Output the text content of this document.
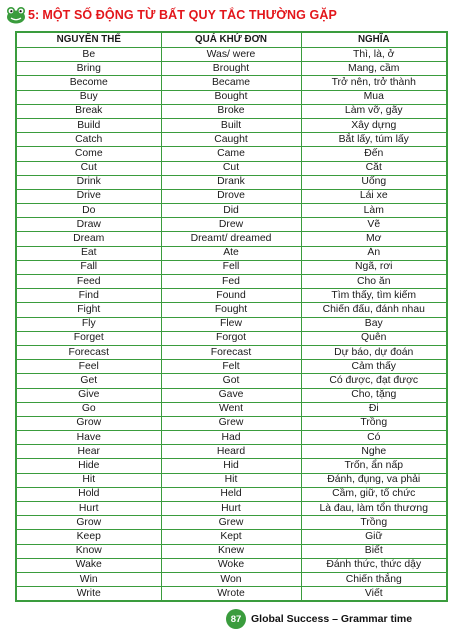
5: MỘT SỐ ĐỘNG TỪ BẤT QUY TẮC THƯỜNG GẶP
NGUYÊN THỂ	QUÁ KHỨ ĐƠN	NGHĨA
Be	Was/ were	Thì, là, ở
Bring	Brought	Mang, cầm
Become	Became	Trở nên, trở thành
Buy	Bought	Mua
Break	Broke	Làm vỡ, gãy
Build	Built	Xây dựng
Catch	Caught	Bắt lấy, túm lấy
Come	Came	Đến
Cut	Cut	Cắt
Drink	Drank	Uống
Drive	Drove	Lái xe
Do	Did	Làm
Draw	Drew	Vẽ
Dream	Dreamt/ dreamed	Mơ
Eat	Ate	Ăn
Fall	Fell	Ngã, rơi
Feed	Fed	Cho ăn
Find	Found	Tìm thấy, tìm kiếm
Fight	Fought	Chiến đấu, đánh nhau
Fly	Flew	Bay
Forget	Forgot	Quên
Forecast	Forecast	Dự báo, dự đoán
Feel	Felt	Cảm thấy
Get	Got	Có được, đạt được
Give	Gave	Cho, tặng
Go	Went	Đi
Grow	Grew	Trồng
Have	Had	Có
Hear	Heard	Nghe
Hide	Hid	Trốn, ẩn nấp
Hit	Hit	Đánh, đụng, va phải
Hold	Held	Cầm, giữ, tổ chức
Hurt	Hurt	Là đau, làm tổn thương
Grow	Grew	Trồng
Keep	Kept	Giữ
Know	Knew	Biết
Wake	Woke	Đánh thức, thức dậy
Win	Won	Chiến thắng
Write	Wrote	Viết
87 Global Success – Grammar time
